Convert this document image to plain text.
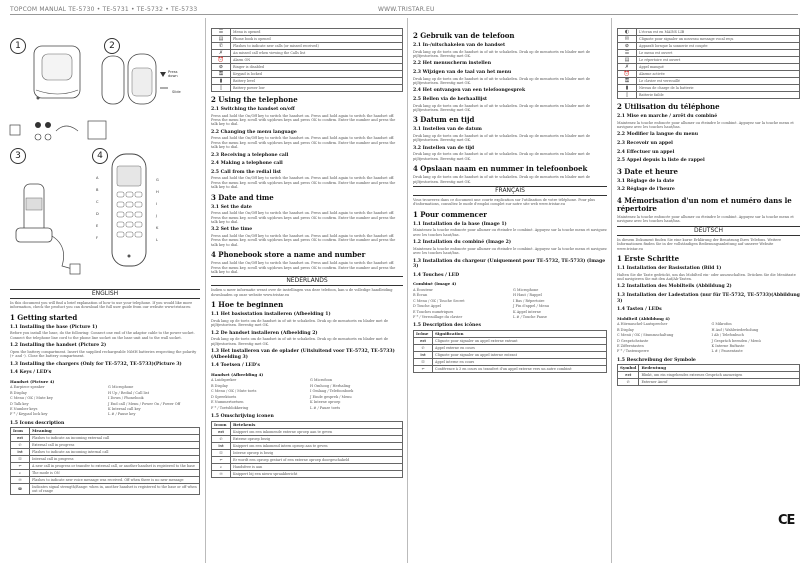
TOPCOM MANUAL TE-5730 • TE-5731 • TE-5732 • TE-5733	WWW.TRISTAR.EU
1	2
Press down
Slide
3	4
A
B
C
D
E
F
G
H
I
J
K
L
ENGLISH
In this document you will find a brief explanation of how to use your telephone. If you would like more information, check the product you can download the full user guide from our website www.tristar.eu
1 Getting started
1.1 Installing the base (Picture 1)
Before you install the base, do the following: Connect one end of the adaptor cable to the power socket. Connect the telephone line cord to the phone line socket on the base unit and to the wall socket.
1.2 Installing the handset (Picture 2)
Open the battery compartment. Insert the supplied rechargeable NiMH batteries respecting the polarity (+ and -). Close the battery compartment.
1.3 Installing the chargers (Only for TE-5732, TE-5733)(Picture 3)
1.4 Keys / LED's
Handset (Picture 4)
A Earpiece speaker
B Display
C Menu / OK / Mute key
D Talk key
E Number keys
F * / Keypad lock key
G Microphone
H Up / Redial / Call list
I Down / Phonebook
J End call / Menu / Power On / Power Off
K Internal call key
L # / Pause key
1.5 Icons description
Icon	Meaning
ext	Flashes to indicate an incoming external call
✆	External call in progress
int	Flashes to indicate an incoming internal call
☏	Internal call in progress
↩	A new call in progress or transfer to external call, or another handset is registered to the base
⌕	The mode is ON
✉	Flashes to indicate new voice message was received. Off when there is no new message
☎	Indicates signal strength/Range: when in, another handset is registered to the base or off when out of range
☰	Menu is opened
▤	Phone book is opened
✆	Flashes to indicate new calls (or missed received)
✗	An missed call when viewing the Calls list
⏰	Alarm ON
⊘	Ringer is disabled
⚿	Keypad is locked
▮	Battery level
▯	Battery power low
2 Using the telephone
2.1 Switching the handset on/off
Press and hold the On/Off key to switch the handset on. Press and hold again to switch the handset off. Press the menu key, scroll with up/down keys and press OK to confirm. Enter the number and press the talk key to dial.
2.2 Changing the menu language
Press and hold the On/Off key to switch the handset on. Press and hold again to switch the handset off. Press the menu key, scroll with up/down keys and press OK to confirm. Enter the number and press the talk key to dial.
2.3 Receiving a telephone call
2.4 Making a telephone call
2.5 Call from the redial list
Press and hold the On/Off key to switch the handset on. Press and hold again to switch the handset off. Press the menu key, scroll with up/down keys and press OK to confirm. Enter the number and press the talk key to dial.
3 Date and time
3.1 Set the date
Press and hold the On/Off key to switch the handset on. Press and hold again to switch the handset off. Press the menu key, scroll with up/down keys and press OK to confirm. Enter the number and press the talk key to dial.
3.2 Set the time
Press and hold the On/Off key to switch the handset on. Press and hold again to switch the handset off. Press the menu key, scroll with up/down keys and press OK to confirm. Enter the number and press the talk key to dial.
4 Phonebook store a name and number
Press and hold the On/Off key to switch the handset on. Press and hold again to switch the handset off. Press the menu key, scroll with up/down keys and press OK to confirm. Enter the number and press the talk key to dial.
NEDERLANDS
Indien u meer informatie wenst over de instellingen van deze telefoon, kan u de volledige handleiding downloaden op onze website www.tristar.eu
1 Hoe te beginnen
1.1 Het basisstation installeren (Afbeelding 1)
Druk lang op de toets om de handset in of uit te schakelen. Druk op de menutoets en blader met de pijltjestoetsen. Bevestig met OK.
1.2 De handset installeren (Afbeelding 2)
Druk lang op de toets om de handset in of uit te schakelen. Druk op de menutoets en blader met de pijltjestoetsen. Bevestig met OK.
1.3 Het installeren van de oplader (Uitsluitend voor TE-5732, TE-5733) (Afbeelding 3)
1.4 Toetsen / LED's
Handset (Afbeelding 4)
A Luidspreker
B Display
C Menu / OK / Mute toets
D Spreektoets
E Nummertoetsen
F * / Toetsblokkering
G Microfoon
H Omhoog / Herhaling
I Omlaag / Telefoonboek
J Einde gesprek / Menu
K Interne oproep
L # / Pauze toets
1.5 Omschrijving iconen
Icoon	Betekenis
ext	Knippert om een inkomende externe oproep aan te geven
✆	Externe oproep bezig
int	Knippert om een inkomend intern oproep aan te geven
☏	Interne oproep is bezig
↩	Er wordt een oproep gestart of een externe oproep doorgeschakeld
⌕	Handsfree is aan
✉	Knippert bij een nieuw spraakbericht
2 Gebruik van de telefoon
2.1 In-/uitschakelen van de handset
Druk lang op de toets om de handset in of uit te schakelen. Druk op de menutoets en blader met de pijltjestoetsen. Bevestig met OK.
2.2 Het menuscherm instellen
2.3 Wijzigen van de taal van het menu
Druk lang op de toets om de handset in of uit te schakelen. Druk op de menutoets en blader met de pijltjestoetsen. Bevestig met OK.
2.4 Het ontvangen van een telefoongesprek
2.5 Bellen via de herhaallijst
Druk lang op de toets om de handset in of uit te schakelen. Druk op de menutoets en blader met de pijltjestoetsen. Bevestig met OK.
3 Datum en tijd
3.1 Instellen van de datum
Druk lang op de toets om de handset in of uit te schakelen. Druk op de menutoets en blader met de pijltjestoetsen. Bevestig met OK.
3.2 Instellen van de tijd
Druk lang op de toets om de handset in of uit te schakelen. Druk op de menutoets en blader met de pijltjestoetsen. Bevestig met OK.
4 Opslaan naam en nummer in telefoonboek
Druk lang op de toets om de handset in of uit te schakelen. Druk op de menutoets en blader met de pijltjestoetsen. Bevestig met OK.
FRANÇAIS
Vous trouverez dans ce document une courte explication sur l'utilisation de votre téléphone. Pour plus d'informations, consultez le mode d'emploi complet sur notre site web www.tristar.eu
1 Pour commencer
1.1 Installation de la base (Image 1)
Maintenez la touche enfoncée pour allumer ou éteindre le combiné. Appuyez sur la touche menu et naviguez avec les touches haut/bas.
1.2 Installation du combiné (Image 2)
Maintenez la touche enfoncée pour allumer ou éteindre le combiné. Appuyez sur la touche menu et naviguez avec les touches haut/bas.
1.3 Installation du chargeur (Uniquement pour TE-5732, TE-5733) (Image 3)
1.4 Touches / LED
Combiné (Image 4)
A Écouteur
B Écran
C Menu / OK / Touche Secret
D Touche Appel
E Touches numériques
F * / Verrouillage du clavier
G Microphone
H Haut / Rappel
I Bas / Répertoire
J Fin d'appel / Menu
K Appel interne
L # / Touche Pause
1.5 Description des icônes
Icône	Signification
ext	Clignote pour signaler un appel externe entrant
✆	Appel externe en cours
int	Clignote pour signaler un appel interne entrant
☏	Appel interne en cours
↩	Conférence à 3 en cours ou transfert d'un appel externe vers un autre combiné
◐	L'écran est en MAINS LIB
✉	Clignote pour signaler un nouveau message vocal reçu
⊘	Apparaît lorsque la sonnerie est coupée
☰	Le menu est ouvert
▤	Le répertoire est ouvert
✗	Appel manqué
⏰	Alarme activée
⚿	Le clavier est verrouillé
▮	Niveau de charge de la batterie
▯	Batterie faible
2 Utilisation du téléphone
2.1 Mise en marche / arrêt du combiné
Maintenez la touche enfoncée pour allumer ou éteindre le combiné. Appuyez sur la touche menu et naviguez avec les touches haut/bas.
2.2 Modifier la langue du menu
2.3 Recevoir un appel
2.4 Effectuer un appel
2.5 Appel depuis la liste de rappel
3 Date et heure
3.1 Réglage de la date
3.2 Réglage de l'heure
4 Mémorisation d'un nom et numéro dans le répertoire
Maintenez la touche enfoncée pour allumer ou éteindre le combiné. Appuyez sur la touche menu et naviguez avec les touches haut/bas.
DEUTSCH
In diesem Dokument finden Sie eine kurze Erklärung der Benutzung Ihres Telefons. Weitere Informationen finden Sie in der vollständigen Bedienungsanleitung auf unserer Website www.tristar.eu
1 Erste Schritte
1.1 Installation der Basisstation (Bild 1)
Halten Sie die Taste gedrückt, um das Mobilteil ein- oder auszuschalten. Drücken Sie die Menütaste und navigieren Sie mit den Auf/Ab-Tasten.
1.2 Installation des Mobilteils (Abbildung 2)
1.3 Installation der Ladestation (nur für TE-5732, TE-5733)(Abbildung 3)
1.4 Tasten / LEDs
Mobilteil (Abbildung 4)
A Hörmuschel-Lautsprecher
B Display
C Menü / OK / Stummschaltung
D Gesprächstaste
E Zifferntasten
F * / Tastensperre
G Mikrofon
H Auf / Wahlwiederholung
I Ab / Telefonbuch
J Gespräch beenden / Menü
K Interne Ruftaste
L # / Pausentaste
1.5 Beschreibung der Symbole
Symbol	Bedeutung
ext	Blinkt, um ein eingehendes externes Gespräch anzuzeigen
✆	Externer Anruf
CE
